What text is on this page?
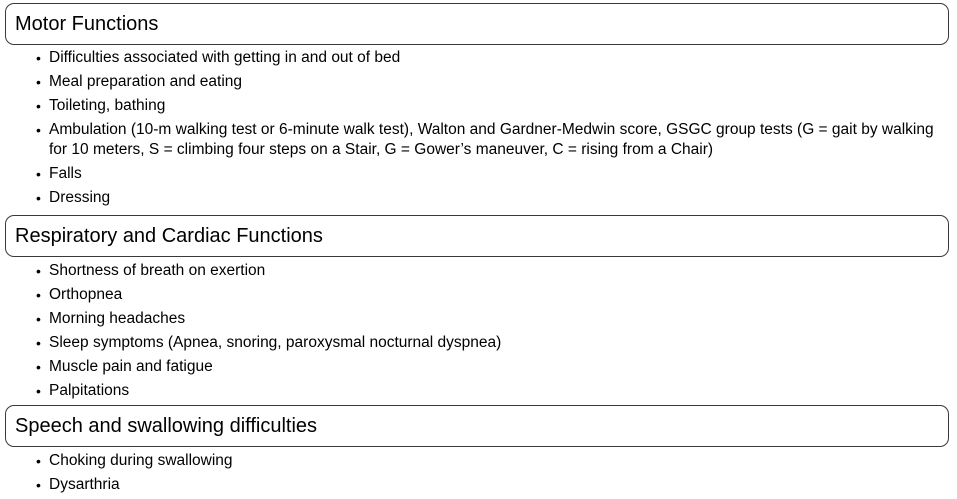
Motor Functions
• Difficulties associated with getting in and out of bed
• Meal preparation and eating
• Toileting, bathing
• Ambulation (10-m walking test or 6-minute walk test), Walton and Gardner-Medwin score, GSGC group tests (G = gait by walking for 10 meters, S = climbing four steps on a Stair, G = Gower’s maneuver, C = rising from a Chair)
• Falls
• Dressing
Respiratory and Cardiac Functions
• Shortness of breath on exertion
• Orthopnea
• Morning headaches
• Sleep symptoms (Apnea, snoring, paroxysmal nocturnal dyspnea)
• Muscle pain and fatigue
• Palpitations
Speech and swallowing difficulties
• Choking during swallowing
• Dysarthria
